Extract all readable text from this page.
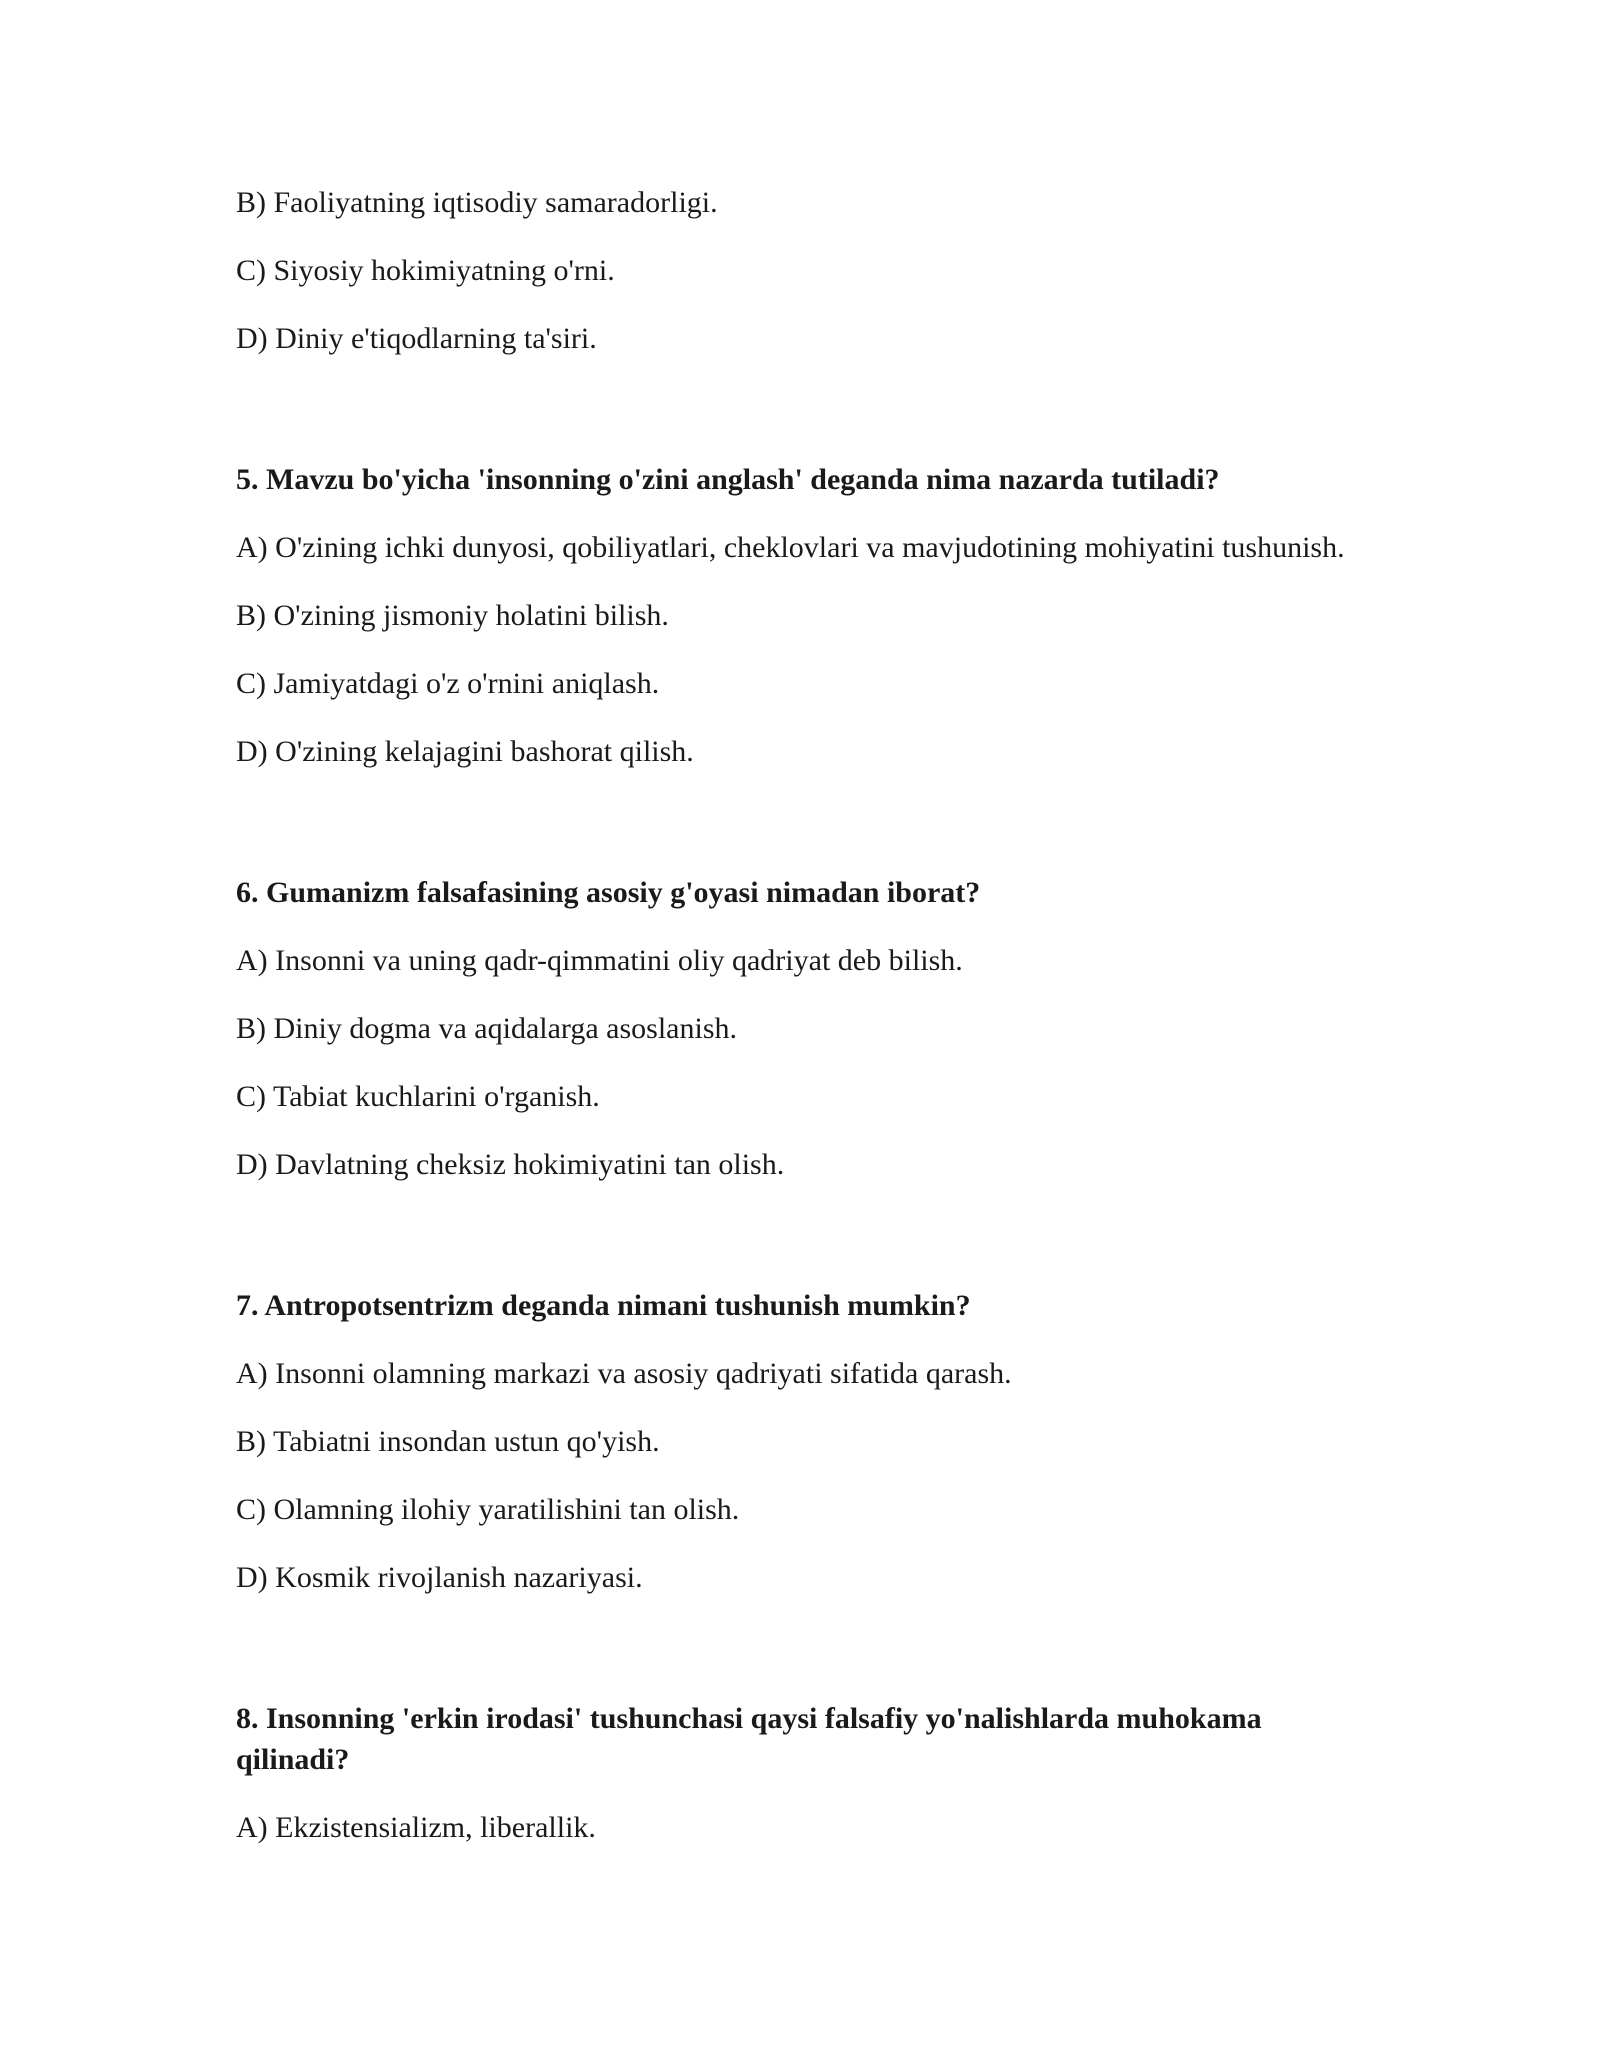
B) Faoliyatning iqtisodiy samaradorligi.

C) Siyosiy hokimiyatning o'rni.

D) Diniy e'tiqodlarning ta'siri.

5. Mavzu bo'yicha 'insonning o'zini anglash' deganda nima nazarda tutiladi?

A) O'zining ichki dunyosi, qobiliyatlari, cheklovlari va mavjudotining mohiyatini tushunish.

B) O'zining jismoniy holatini bilish.

C) Jamiyatdagi o'z o'rnini aniqlash.

D) O'zining kelajagini bashorat qilish.

6. Gumanizm falsafasining asosiy g'oyasi nimadan iborat?

A) Insonni va uning qadr-qimmatini oliy qadriyat deb bilish.

B) Diniy dogma va aqidalarga asoslanish.

C) Tabiat kuchlarini o'rganish.

D) Davlatning cheksiz hokimiyatini tan olish.

7. Antropotsentrizm deganda nimani tushunish mumkin?

A) Insonni olamning markazi va asosiy qadriyati sifatida qarash.

B) Tabiatni insondan ustun qo'yish.

C) Olamning ilohiy yaratilishini tan olish.

D) Kosmik rivojlanish nazariyasi.

8. Insonning 'erkin irodasi' tushunchasi qaysi falsafiy yo'nalishlarda muhokama qilinadi?

A) Ekzistensializm, liberallik.
